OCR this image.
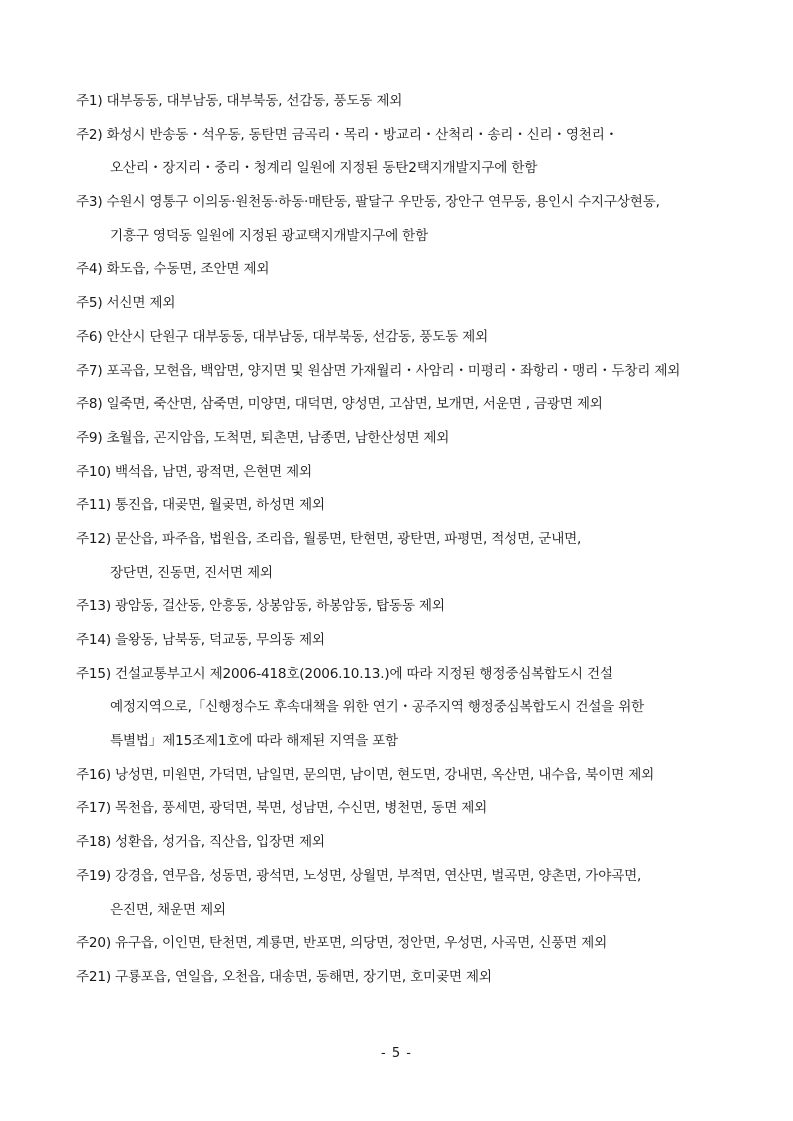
주1) 대부동동, 대부남동, 대부북동, 선감동, 풍도동 제외
주2) 화성시 반송동・석우동, 동탄면 금곡리・목리・방교리・산척리・송리・신리・영천리・
오산리・장지리・중리・청계리 일원에 지정된 동탄2택지개발지구에 한함
주3) 수원시 영통구 이의동·원천동·하동·매탄동, 팔달구 우만동, 장안구 연무동, 용인시 수지구상현동,
기흥구 영덕동 일원에 지정된 광교택지개발지구에 한함
주4) 화도읍, 수동면, 조안면 제외
주5) 서신면 제외
주6) 안산시 단원구 대부동동, 대부남동, 대부북동, 선감동, 풍도동 제외
주7) 포곡읍, 모현읍, 백암면, 양지면 및 원삼면 가재월리・사암리・미평리・좌항리・맹리・두창리 제외
주8) 일죽면, 죽산면, 삼죽면, 미양면, 대덕면, 양성면, 고삼면, 보개면, 서운면 , 금광면 제외
주9) 초월읍, 곤지암읍, 도척면, 퇴촌면, 남종면, 남한산성면 제외
주10) 백석읍, 남면, 광적면, 은현면 제외
주11) 통진읍, 대곶면, 월곶면, 하성면 제외
주12) 문산읍, 파주읍, 법원읍, 조리읍, 월롱면, 탄현면, 광탄면, 파평면, 적성면, 군내면,
장단면, 진동면, 진서면 제외
주13) 광암동, 걸산동, 안흥동, 상봉암동, 하봉암동, 탑동동 제외
주14) 을왕동, 남북동, 덕교동, 무의동 제외
주15) 건설교통부고시 제2006-418호(2006.10.13.)에 따라 지정된 행정중심복합도시 건설
예정지역으로,「신행정수도 후속대책을 위한 연기・공주지역 행정중심복합도시 건설을 위한
특별법」제15조제1호에 따라 해제된 지역을 포함
주16) 낭성면, 미원면, 가덕면, 남일면, 문의면, 남이면, 현도면, 강내면, 옥산면, 내수읍, 북이면 제외
주17) 목천읍, 풍세면, 광덕면, 북면, 성남면, 수신면, 병천면, 동면 제외
주18) 성환읍, 성거읍, 직산읍, 입장면 제외
주19) 강경읍, 연무읍, 성동면, 광석면, 노성면, 상월면, 부적면, 연산면, 벌곡면, 양촌면, 가야곡면,
은진면, 채운면 제외
주20) 유구읍, 이인면, 탄천면, 계룡면, 반포면, 의당면, 정안면, 우성면, 사곡면, 신풍면 제외
주21) 구룡포읍, 연일읍, 오천읍, 대송면, 동해면, 장기면, 호미곶면 제외
- 5 -
